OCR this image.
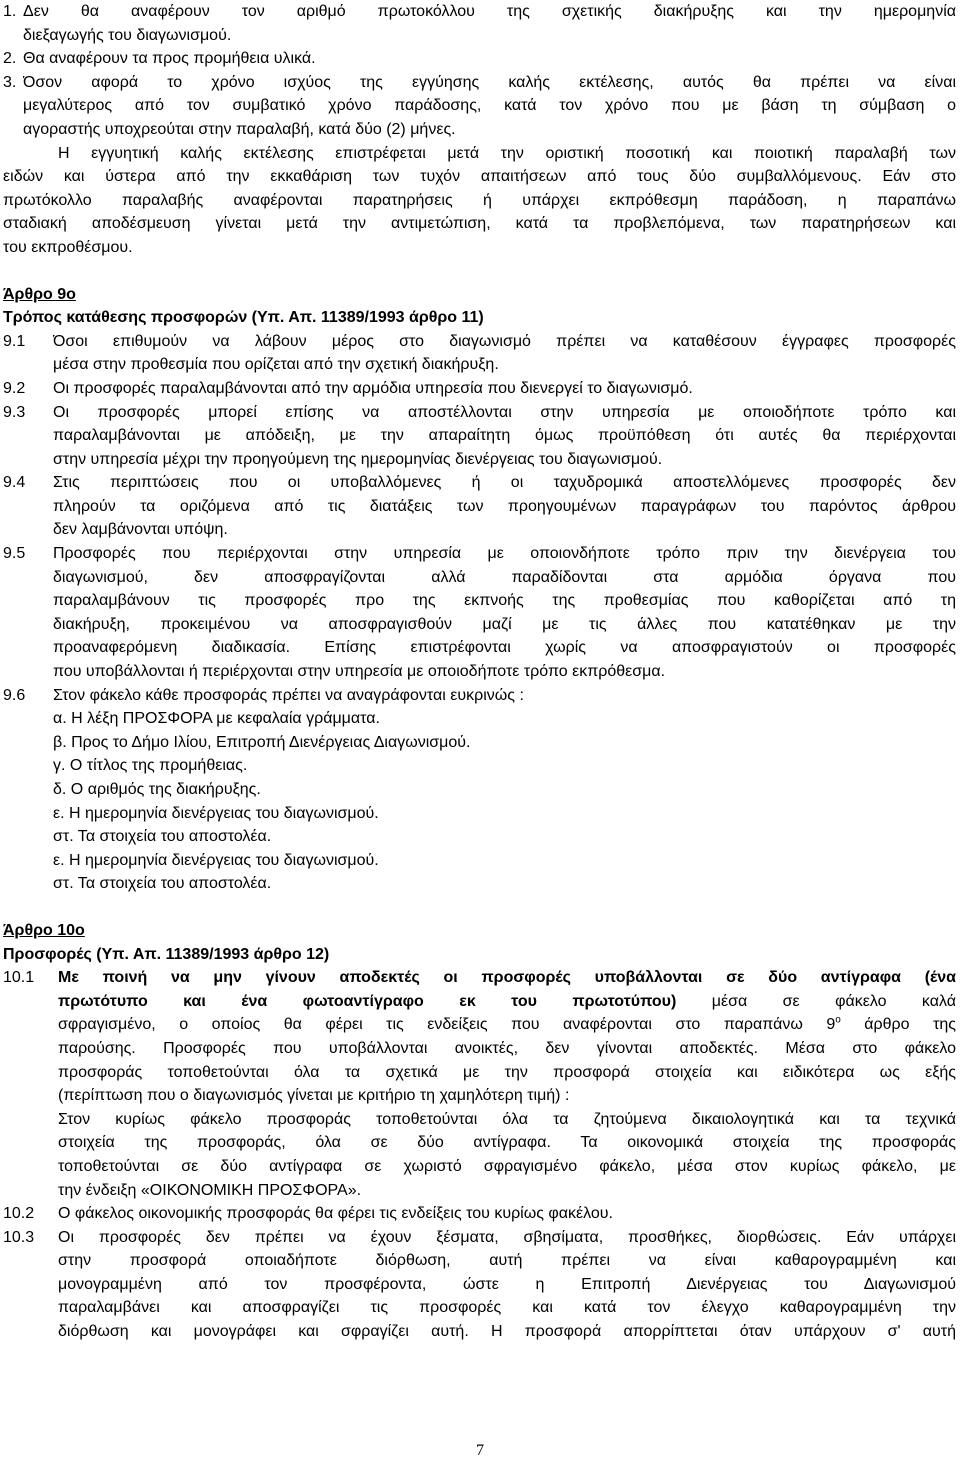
1. Δεν θα αναφέρουν τον αριθμό πρωτοκόλλου της σχετικής διακήρυξης και την ημερομηνία
διεξαγωγής του διαγωνισμού.
2. Θα αναφέρουν τα προς προμήθεια υλικά.
3. Όσον αφορά το χρόνο ισχύος της εγγύησης καλής εκτέλεσης, αυτός θα πρέπει να είναι
μεγαλύτερος από τον συμβατικό χρόνο παράδοσης, κατά τον χρόνο που με βάση τη σύμβαση ο
αγοραστής υποχρεούται στην παραλαβή, κατά δύο (2) μήνες.
Η εγγυητική καλής εκτέλεσης επιστρέφεται μετά την οριστική ποσοτική και ποιοτική παραλαβή των
ειδών και ύστερα από την εκκαθάριση των τυχόν απαιτήσεων από τους δύο συμβαλλόμενους. Εάν στο
πρωτόκολλο παραλαβής αναφέρονται παρατηρήσεις ή υπάρχει εκπρόθεσμη παράδοση, η παραπάνω
σταδιακή αποδέσμευση γίνεται μετά την αντιμετώπιση, κατά τα προβλεπόμενα, των παρατηρήσεων και
του εκπροθέσμου.
Άρθρο 9ο
Τρόπος κατάθεσης προσφορών (Υπ. Απ. 11389/1993 άρθρο 11)
9.1	Όσοι επιθυμούν να λάβουν μέρος στο διαγωνισμό πρέπει να καταθέσουν έγγραφες προσφορές
μέσα στην προθεσμία που ορίζεται από την σχετική διακήρυξη.
9.2	Οι προσφορές παραλαμβάνονται από την αρμόδια υπηρεσία που διενεργεί το διαγωνισμό.
9.3	Οι προσφορές μπορεί επίσης να αποστέλλονται στην υπηρεσία με οποιοδήποτε τρόπο και
παραλαμβάνονται με απόδειξη, με την απαραίτητη όμως προϋπόθεση ότι αυτές θα περιέρχονται
στην υπηρεσία μέχρι την προηγούμενη της ημερομηνίας διενέργειας του διαγωνισμού.
9.4	Στις περιπτώσεις που οι υποβαλλόμενες ή οι ταχυδρομικά αποστελλόμενες προσφορές δεν
πληρούν τα οριζόμενα από τις διατάξεις των προηγουμένων παραγράφων του παρόντος άρθρου
δεν λαμβάνονται υπόψη.
9.5	Προσφορές που περιέρχονται στην υπηρεσία με οποιονδήποτε τρόπο πριν την διενέργεια του
διαγωνισμού, δεν αποσφραγίζονται αλλά παραδίδονται στα αρμόδια όργανα που
παραλαμβάνουν τις προσφορές προ της εκπνοής της προθεσμίας που καθορίζεται από τη
διακήρυξη, προκειμένου να αποσφραγισθούν μαζί με τις άλλες που κατατέθηκαν με την
προαναφερόμενη διαδικασία. Επίσης επιστρέφονται χωρίς να αποσφραγιστούν οι προσφορές
που υποβάλλονται ή περιέρχονται στην υπηρεσία με οποιοδήποτε τρόπο εκπρόθεσμα.
9.6	Στον φάκελο κάθε προσφοράς πρέπει να αναγράφονται ευκρινώς :
α. Η λέξη ΠΡΟΣΦΟΡΑ με κεφαλαία γράμματα.
β. Προς το Δήμο Ιλίου, Επιτροπή Διενέργειας Διαγωνισμού.
γ. Ο τίτλος της προμήθειας.
δ. Ο αριθμός της διακήρυξης.
ε. Η ημερομηνία διενέργειας του διαγωνισμού.
στ. Τα στοιχεία του αποστολέα.
ε. Η ημερομηνία διενέργειας του διαγωνισμού.
στ. Τα στοιχεία του αποστολέα.
Άρθρο 10ο
Προσφορές (Υπ. Απ. 11389/1993 άρθρο 12)
10.1	Με ποινή να μην γίνουν αποδεκτές οι προσφορές υποβάλλονται σε δύο αντίγραφα (ένα
πρωτότυπο και ένα φωτοαντίγραφο εκ του πρωτοτύπου) μέσα σε φάκελο καλά
σφραγισμένο, ο οποίος θα φέρει τις ενδείξεις που αναφέρονται στο παραπάνω $9^o$ άρθρο της
παρούσης. Προσφορές που υποβάλλονται ανοικτές, δεν γίνονται αποδεκτές. Μέσα στο φάκελο
προσφοράς τοποθετούνται όλα τα σχετικά με την προσφορά στοιχεία και ειδικότερα ως εξής
(περίπτωση που ο διαγωνισμός γίνεται με κριτήριο τη χαμηλότερη τιμή) :
Στον κυρίως φάκελο προσφοράς τοποθετούνται όλα τα ζητούμενα δικαιολογητικά και τα τεχνικά
στοιχεία της προσφοράς, όλα σε δύο αντίγραφα. Τα οικονομικά στοιχεία της προσφοράς
τοποθετούνται σε δύο αντίγραφα σε χωριστό σφραγισμένο φάκελο, μέσα στον κυρίως φάκελο, με
την ένδειξη «ΟΙΚΟΝΟΜΙΚΗ ΠΡΟΣΦΟΡΑ».
10.2	Ο φάκελος οικονομικής προσφοράς θα φέρει τις ενδείξεις του κυρίως φακέλου.
10.3	Οι προσφορές δεν πρέπει να έχουν ξέσματα, σβησίματα, προσθήκες, διορθώσεις. Εάν υπάρχει
στην προσφορά οποιαδήποτε διόρθωση, αυτή πρέπει να είναι καθαρογραμμένη και
μονογραμμένη από τον προσφέροντα, ώστε η Επιτροπή Διενέργειας του Διαγωνισμού
παραλαμβάνει και αποσφραγίζει τις προσφορές και κατά τον έλεγχο καθαρογραμμένη την
διόρθωση και μονογράφει και σφραγίζει αυτή. Η προσφορά απορρίπτεται όταν υπάρχουν σ' αυτή
7
